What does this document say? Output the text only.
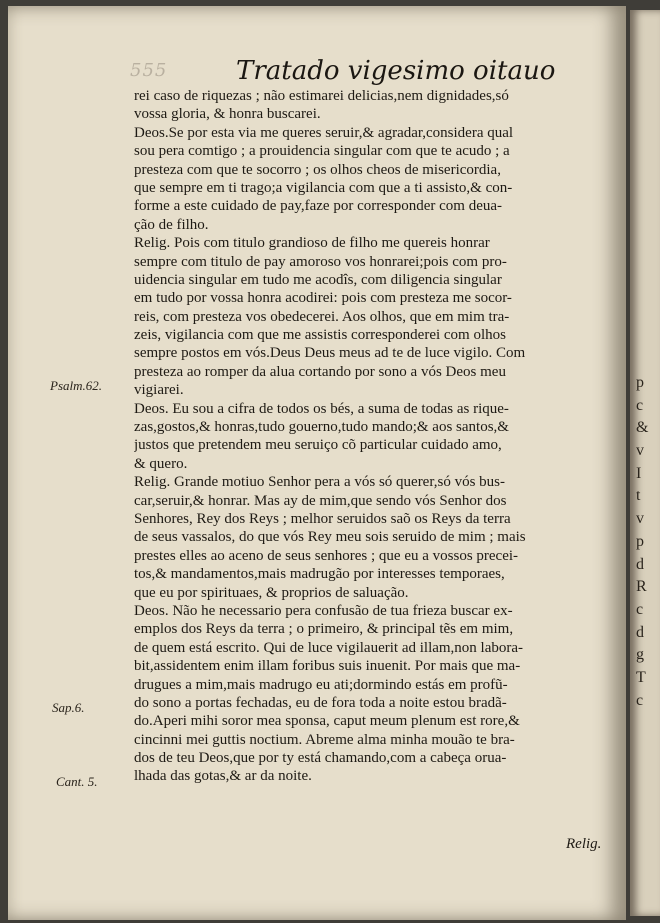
555	Tratado vigesimo oitauo
rei caso de riquezas ; não estimarei delicias,nem dignidades,só
vossa gloria, & honra buscarei.
Deos.Se por esta via me queres seruir,& agradar,considera qual
sou pera comtigo ; a prouidencia singular com que te acudo ; a
presteza com que te socorro ; os olhos cheos de misericordia,
que sempre em ti trago;a vigilancia com que a ti assisto,& con-
forme a este cuidado de pay,faze por corresponder com deua-
ção de filho.
Relig. Pois com titulo grandioso de filho me quereis honrar
sempre com titulo de pay amoroso vos honrarei;pois com pro-
uidencia singular em tudo me acodîs, com diligencia singular
em tudo por vossa honra acodirei: pois com presteza me socor-
reis, com presteza vos obedecerei. Aos olhos, que em mim tra-
zeis, vigilancia com que me assistis corresponderei com olhos
sempre postos em vós.Deus Deus meus ad te de luce vigilo. Com
presteza ao romper da alua cortando por sono a vós Deos meu
vigiarei.
Deos. Eu sou a cifra de todos os bés, a suma de todas as rique-
zas,gostos,& honras,tudo gouerno,tudo mando;& aos santos,&
justos que pretendem meu seruiço cõ particular cuidado amo,
& quero.
Relig. Grande motiuo Senhor pera a vós só querer,só vós bus-
car,seruir,& honrar. Mas ay de mim,que sendo vós Senhor dos
Senhores, Rey dos Reys ; melhor seruidos saõ os Reys da terra
de seus vassalos, do que vós Rey meu sois seruido de mim ; mais
prestes elles ao aceno de seus senhores ; que eu a vossos precei-
tos,& mandamentos,mais madrugão por interesses temporaes,
que eu por spirituaes, & proprios de saluação.
Deos. Não he necessario pera confusão de tua frieza buscar ex-
emplos dos Reys da terra ; o primeiro, & principal tẽs em mim,
de quem está escrito. Qui de luce vigilauerit ad illam,non labora-
bit,assidentem enim illam foribus suis inuenit. Por mais que ma-
drugues a mim,mais madrugo eu ati;dormindo estás em profũ-
do sono a portas fechadas, eu de fora toda a noite estou bradã-
do.Aperi mihi soror mea sponsa, caput meum plenum est rore,&
cincinni mei guttis noctium. Abreme alma minha mouão te bra-
dos de teu Deos,que por ty está chamando,com a cabeça orua-
lhada das gotas,& ar da noite.
Psalm.62.
Sap.6.
Cant. 5.
Relig.
p
c
&
v
I
t
v
p
d
R
c
d
g
T
c
